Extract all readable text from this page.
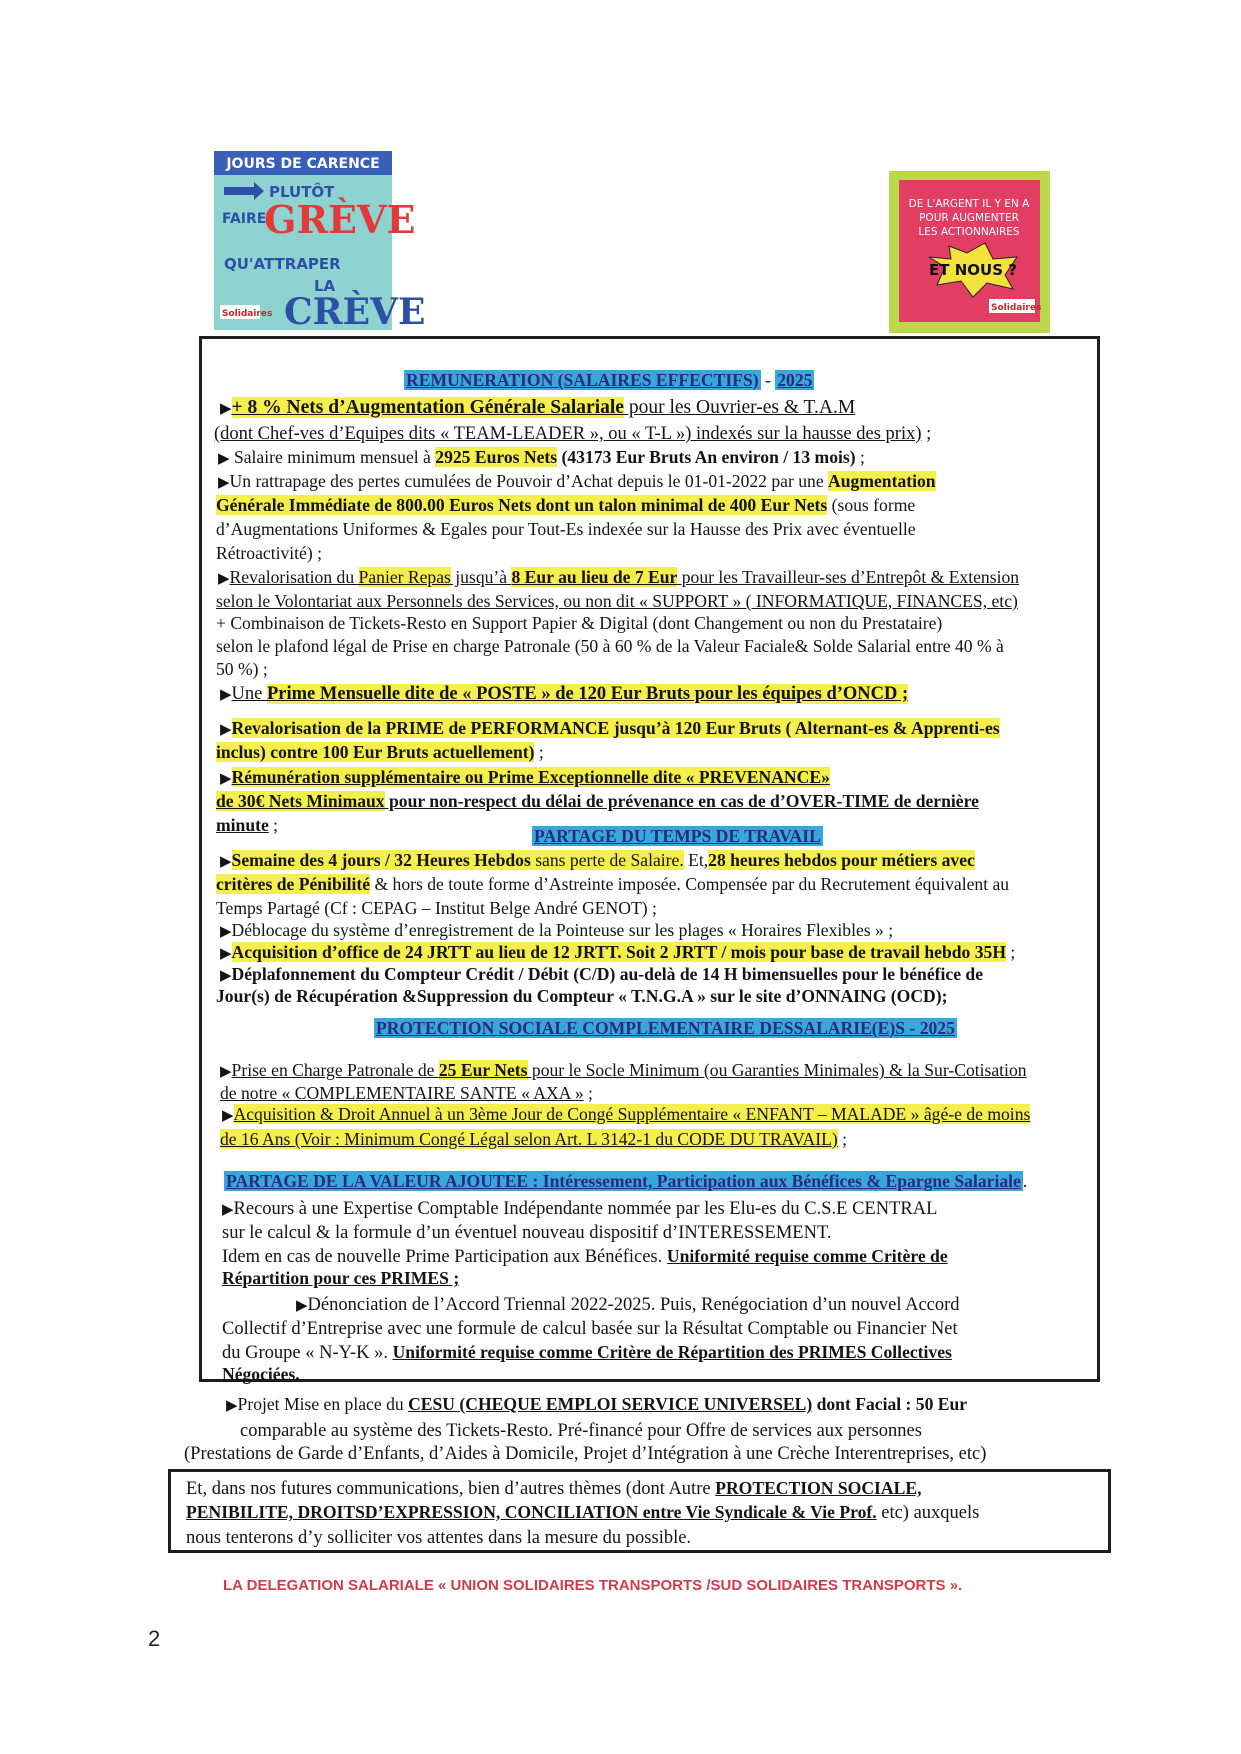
JOURS DE CARENCE
PLUTÔT
FAIRE
GRÈVE
QU'ATTRAPER
LA
CRÈVE
Solidaires
DE L'ARGENT IL Y EN A
POUR AUGMENTER
LES ACTIONNAIRES
ET NOUS ?
Solidaires
REMUNERATION (SALAIRES EFFECTIFS) - 2025
▶+ 8 % Nets d’Augmentation Générale Salariale pour les Ouvrier-es & T.A.M
(dont Chef-ves d’Equipes dits « TEAM-LEADER », ou « T-L ») indexés sur la hausse des prix) ;
▶ Salaire minimum mensuel à 2925 Euros Nets (43173 Eur Bruts An environ / 13 mois) ;
▶Un rattrapage des pertes cumulées de Pouvoir d’Achat depuis le 01-01-2022 par une Augmentation
Générale Immédiate de 800.00 Euros Nets dont un talon minimal de 400 Eur Nets (sous forme
d’Augmentations Uniformes & Egales pour Tout-Es indexée sur la Hausse des Prix avec éventuelle
Rétroactivité) ;
▶Revalorisation du Panier Repas jusqu’à 8 Eur au lieu de 7 Eur pour les Travailleur-ses d’Entrepôt & Extension
selon le Volontariat aux Personnels des Services, ou non dit « SUPPORT » ( INFORMATIQUE, FINANCES, etc)
+ Combinaison de Tickets-Resto en Support Papier & Digital (dont Changement ou non du Prestataire)
selon le plafond légal de Prise en charge Patronale (50 à 60 % de la Valeur Faciale& Solde Salarial entre 40 % à
50 %) ;
▶Une Prime Mensuelle dite de « POSTE » de 120 Eur Bruts pour les équipes d’ONCD ;
▶Revalorisation de la PRIME de PERFORMANCE jusqu’à 120 Eur Bruts ( Alternant-es & Apprenti-es
inclus) contre 100 Eur Bruts actuellement) ;
▶Rémunération supplémentaire ou Prime Exceptionnelle dite « PREVENANCE»
de 30€ Nets Minimaux pour non-respect du délai de prévenance en cas de d’OVER-TIME de dernière
minute ;
PARTAGE DU TEMPS DE TRAVAIL
▶Semaine des 4 jours / 32 Heures Hebdos sans perte de Salaire. Et,28 heures hebdos pour métiers avec
critères de Pénibilité & hors de toute forme d’Astreinte imposée. Compensée par du Recrutement équivalent au
Temps Partagé (Cf : CEPAG – Institut Belge André GENOT) ;
▶Déblocage du système d’enregistrement de la Pointeuse sur les plages « Horaires Flexibles » ;
▶Acquisition d’office de 24 JRTT au lieu de 12 JRTT. Soit 2 JRTT / mois pour base de travail hebdo 35H ;
▶Déplafonnement du Compteur Crédit / Débit (C/D) au-delà de 14 H bimensuelles pour le bénéfice de
Jour(s) de Récupération &Suppression du Compteur « T.N.G.A » sur le site d’ONNAING (OCD);
PROTECTION SOCIALE COMPLEMENTAIRE DESSALARIE(E)S - 2025
▶Prise en Charge Patronale de 25 Eur Nets pour le Socle Minimum (ou Garanties Minimales) & la Sur-Cotisation
de notre « COMPLEMENTAIRE SANTE « AXA » ;
▶Acquisition & Droit Annuel à un 3ème Jour de Congé Supplémentaire « ENFANT – MALADE » âgé-e de moins
de 16 Ans (Voir : Minimum Congé Légal selon Art. L 3142-1 du CODE DU TRAVAIL) ;
PARTAGE DE LA VALEUR AJOUTEE : Intéressement, Participation aux Bénéfices & Epargne Salariale .
▶Recours à une Expertise Comptable Indépendante nommée par les Elu-es du C.S.E CENTRAL
sur le calcul & la formule d’un éventuel nouveau dispositif d’INTERESSEMENT.
Idem en cas de nouvelle Prime Participation aux Bénéfices. Uniformité requise comme Critère de
Répartition pour ces PRIMES ;
▶Dénonciation de l’Accord Triennal 2022-2025. Puis, Renégociation d’un nouvel Accord
Collectif d’Entreprise avec une formule de calcul basée sur la Résultat Comptable ou Financier Net
du Groupe « N-Y-K ». Uniformité requise comme Critère de Répartition des PRIMES Collectives
Négociées.
▶Projet Mise en place du CESU (CHEQUE EMPLOI SERVICE UNIVERSEL) dont Facial : 50 Eur
comparable au système des Tickets-Resto. Pré-financé pour Offre de services aux personnes
(Prestations de Garde d’Enfants, d’Aides à Domicile, Projet d’Intégration à une Crèche Interentreprises, etc)
Et, dans nos futures communications, bien d’autres thèmes (dont Autre PROTECTION SOCIALE,
PENIBILITE, DROITSD’EXPRESSION, CONCILIATION entre Vie Syndicale & Vie Prof. etc) auxquels
nous tenterons d’y solliciter vos attentes dans la mesure du possible.
LA DELEGATION SALARIALE « UNION SOLIDAIRES TRANSPORTS /SUD SOLIDAIRES TRANSPORTS ».
2
